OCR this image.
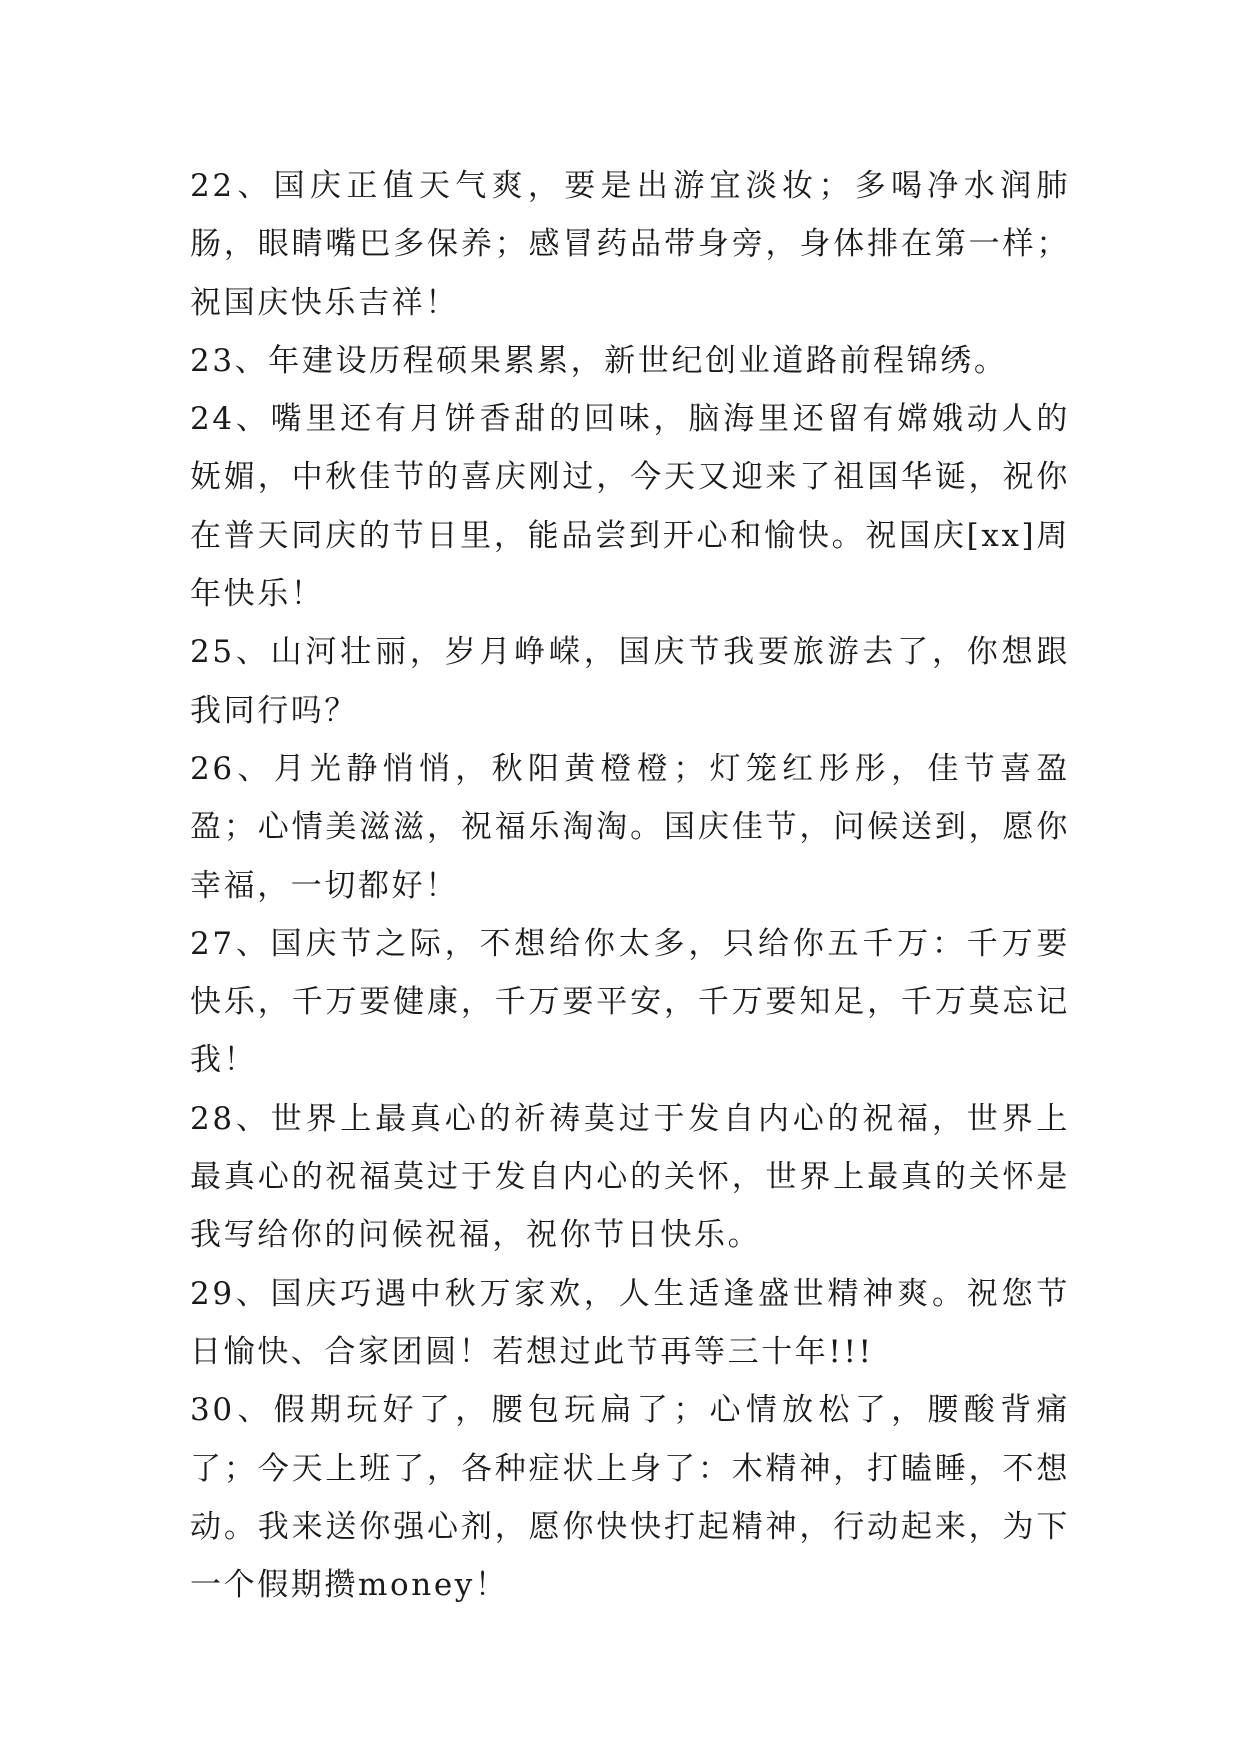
22、国庆正值天气爽，要是出游宜淡妆；多喝净水润肺肠，眼睛嘴巴多保养；感冒药品带身旁，身体排在第一样；祝国庆快乐吉祥！

23、年建设历程硕果累累，新世纪创业道路前程锦绣。

24、嘴里还有月饼香甜的回味，脑海里还留有嫦娥动人的妩媚，中秋佳节的喜庆刚过，今天又迎来了祖国华诞，祝你在普天同庆的节日里，能品尝到开心和愉快。祝国庆[xx]周年快乐！

25、山河壮丽，岁月峥嵘，国庆节我要旅游去了，你想跟我同行吗？

26、月光静悄悄，秋阳黄橙橙；灯笼红彤彤，佳节喜盈盈；心情美滋滋，祝福乐淘淘。国庆佳节，问候送到，愿你幸福，一切都好！

27、国庆节之际，不想给你太多，只给你五千万：千万要快乐，千万要健康，千万要平安，千万要知足，千万莫忘记我！

28、世界上最真心的祈祷莫过于发自内心的祝福，世界上最真心的祝福莫过于发自内心的关怀，世界上最真的关怀是我写给你的问候祝福，祝你节日快乐。

29、国庆巧遇中秋万家欢，人生适逢盛世精神爽。祝您节日愉快、合家团圆！若想过此节再等三十年!!!

30、假期玩好了，腰包玩扁了；心情放松了，腰酸背痛了；今天上班了，各种症状上身了：木精神，打瞌睡，不想动。我来送你强心剂，愿你快快打起精神，行动起来，为下一个假期攒money！
